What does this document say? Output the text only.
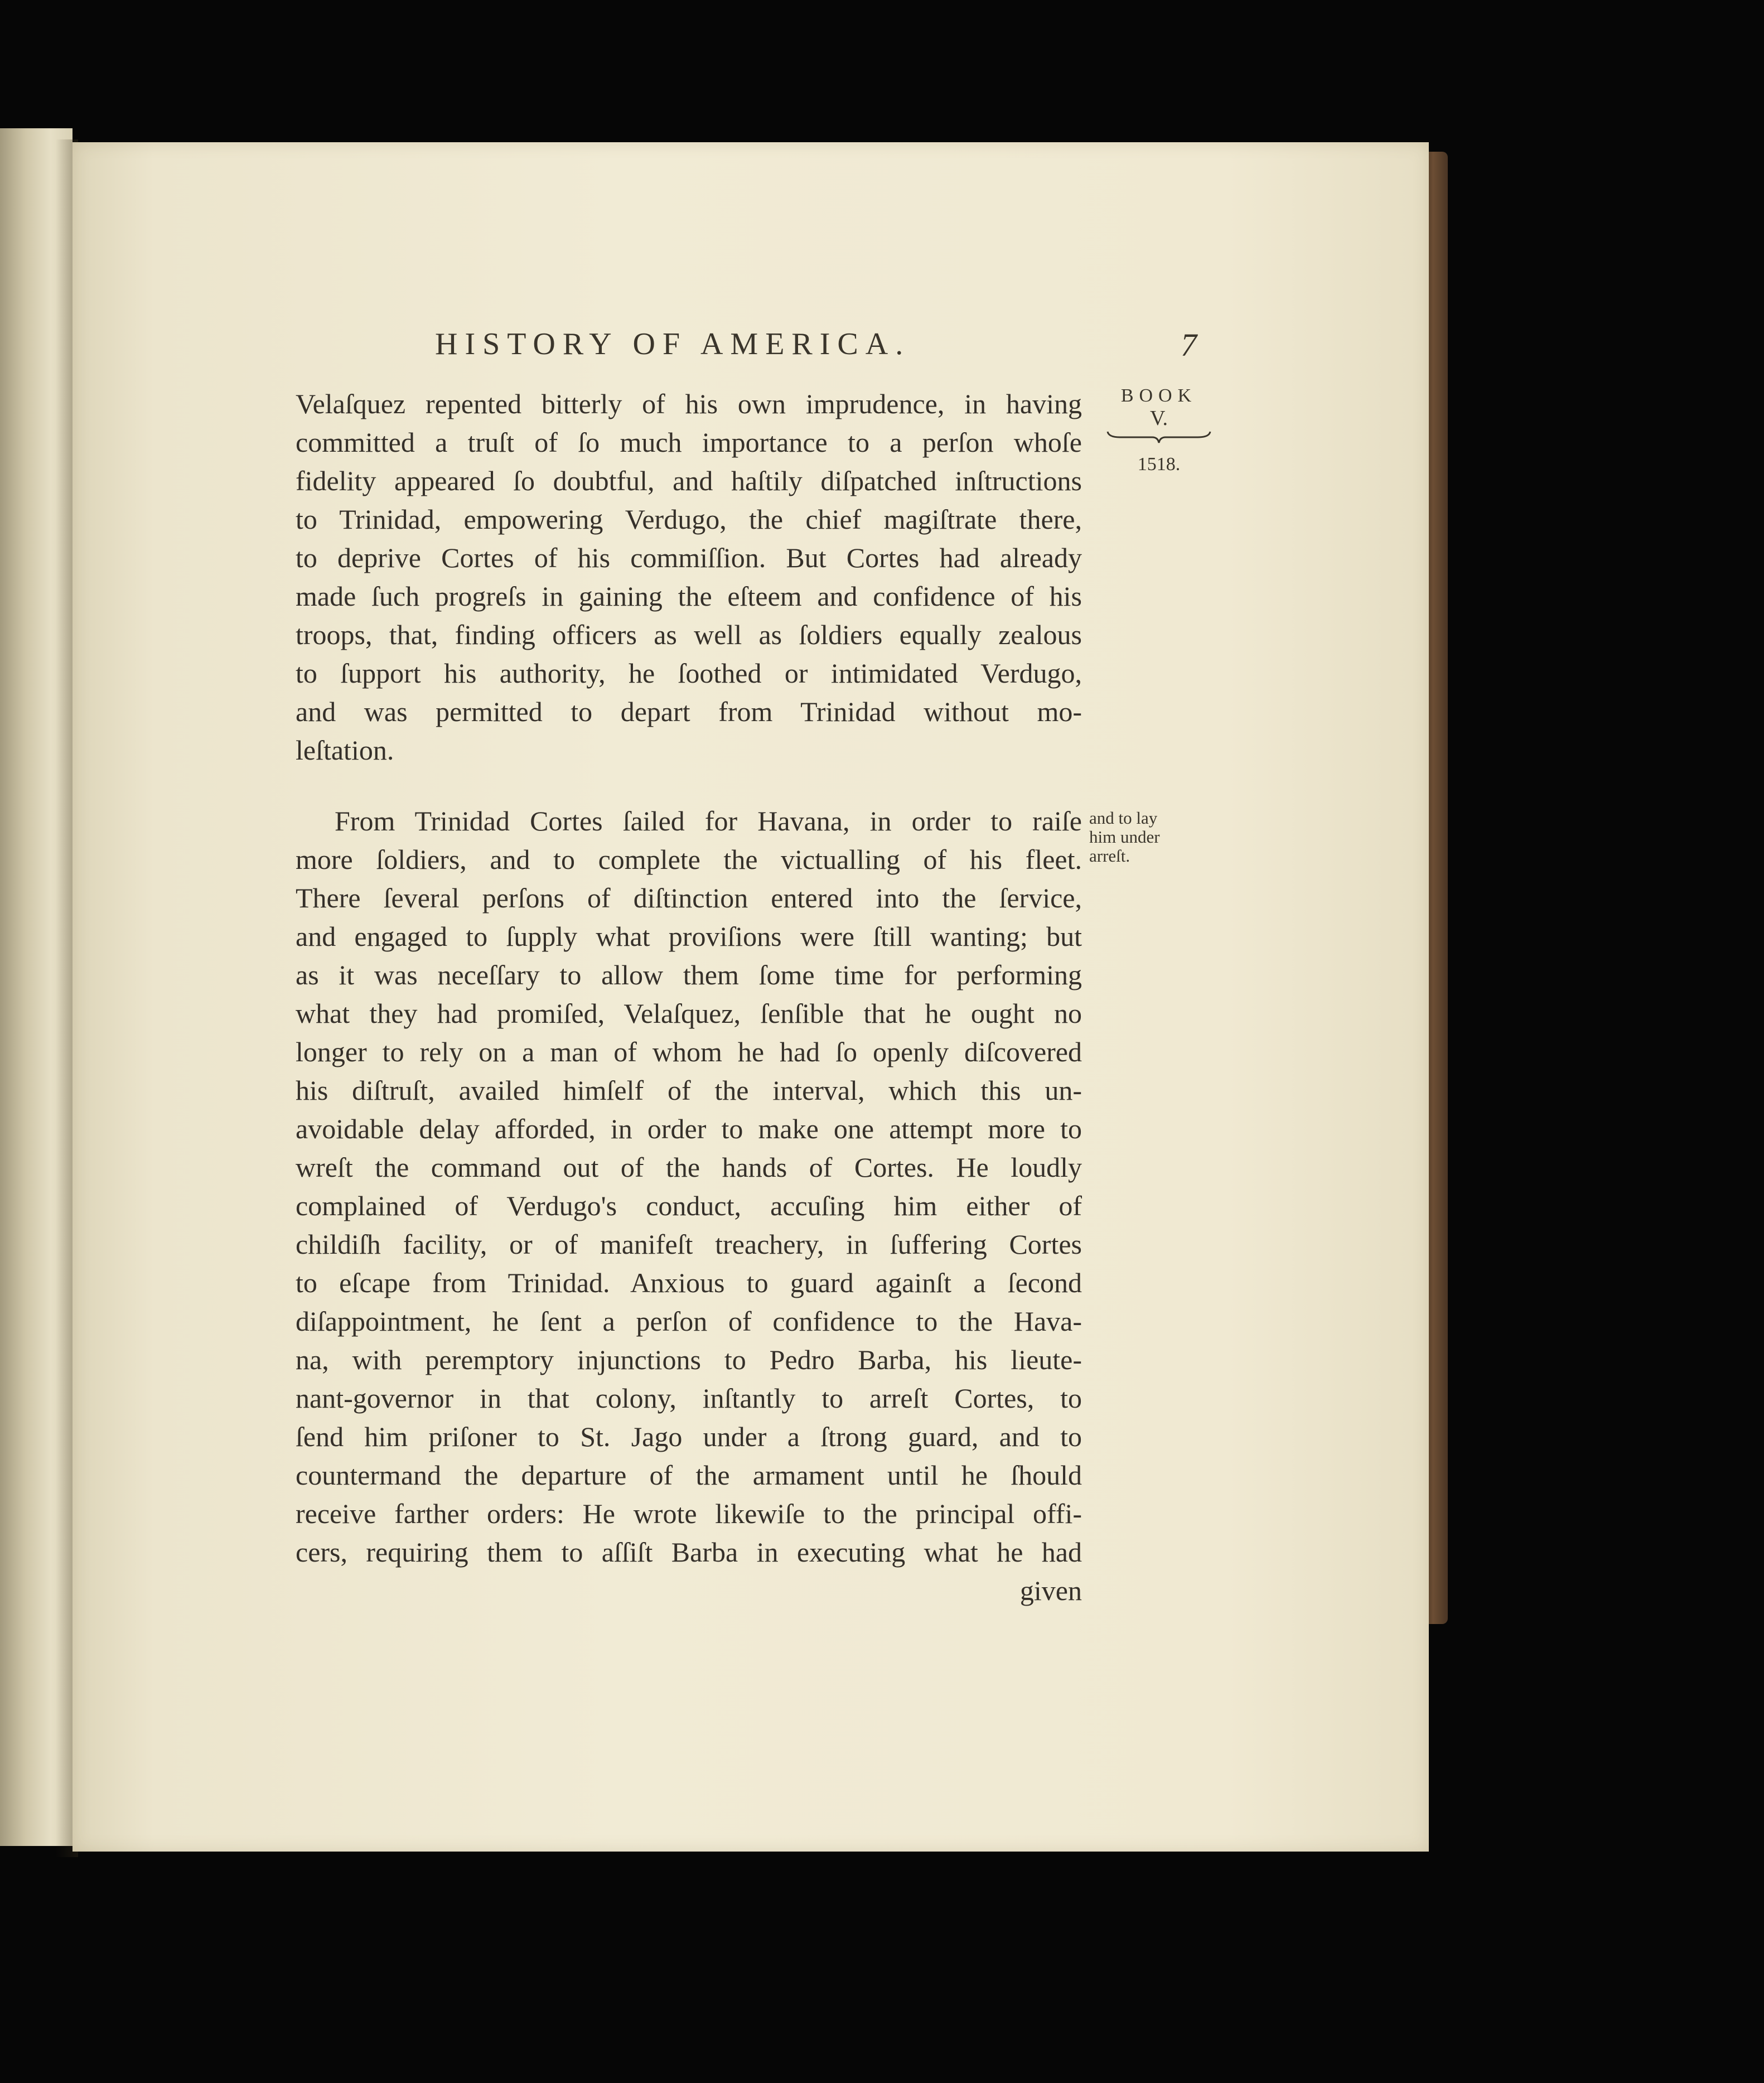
HISTORY OF AMERICA.	7
BOOK
V.
1518.
and to lay
him under
arreſt.
Velaſquez repented bitterly of his own imprudence, in having
committed a truſt of ſo much importance to a perſon whoſe
fidelity appeared ſo doubtful, and haſtily diſpatched inſtructions
to Trinidad, empowering Verdugo, the chief magiſtrate there,
to deprive Cortes of his commiſſion. But Cortes had already
made ſuch progreſs in gaining the eſteem and confidence of his
troops, that, finding officers as well as ſoldiers equally zealous
to ſupport his authority, he ſoothed or intimidated Verdugo,
and was permitted to depart from Trinidad without mo-
leſtation.
From Trinidad Cortes ſailed for Havana, in order to raiſe
more ſoldiers, and to complete the victualling of his fleet.
There ſeveral perſons of diſtinction entered into the ſervice,
and engaged to ſupply what proviſions were ſtill wanting; but
as it was neceſſary to allow them ſome time for performing
what they had promiſed, Velaſquez, ſenſible that he ought no
longer to rely on a man of whom he had ſo openly diſcovered
his diſtruſt, availed himſelf of the interval, which this un-
avoidable delay afforded, in order to make one attempt more to
wreſt the command out of the hands of Cortes. He loudly
complained of Verdugo's conduct, accuſing him either of
childiſh facility, or of manifeſt treachery, in ſuffering Cortes
to eſcape from Trinidad. Anxious to guard againſt a ſecond
diſappointment, he ſent a perſon of confidence to the Hava-
na, with peremptory injunctions to Pedro Barba, his lieute-
nant-governor in that colony, inſtantly to arreſt Cortes, to
ſend him priſoner to St. Jago under a ſtrong guard, and to
countermand the departure of the armament until he ſhould
receive farther orders: He wrote likewiſe to the principal offi-
cers, requiring them to aſſiſt Barba in executing what he had
given
